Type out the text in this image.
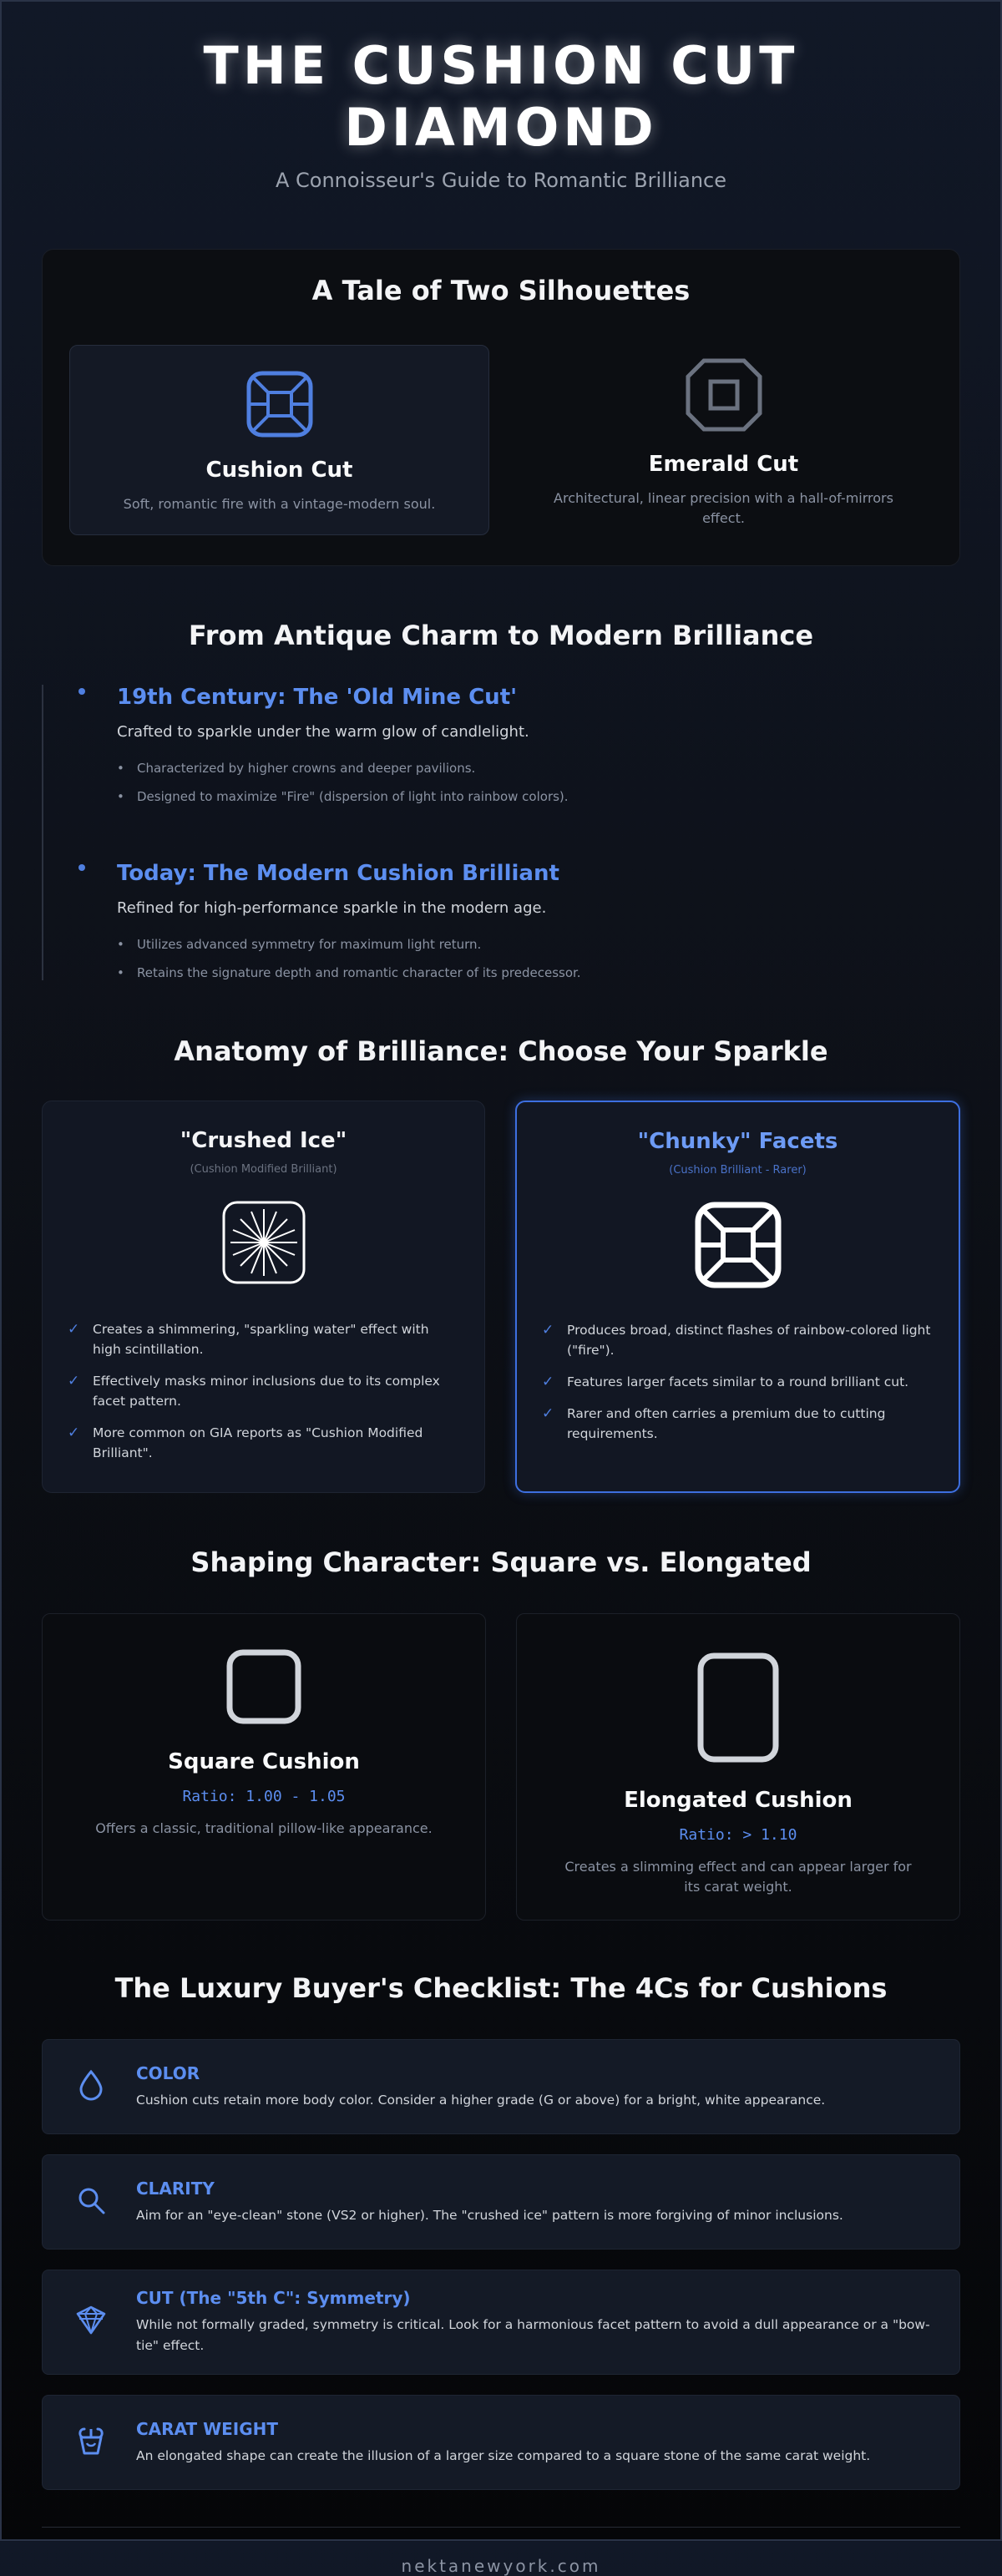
THE CUSHION CUT DIAMOND
A Connoisseur's Guide to Romantic Brilliance
A Tale of Two Silhouettes
Cushion Cut
Soft, romantic fire with a vintage-modern soul.
Emerald Cut
Architectural, linear precision with a hall-of-mirrors effect.
From Antique Charm to Modern Brilliance
19th Century: The 'Old Mine Cut'
Crafted to sparkle under the warm glow of candlelight.
• Characterized by higher crowns and deeper pavilions.
• Designed to maximize "Fire" (dispersion of light into rainbow colors).
Today: The Modern Cushion Brilliant
Refined for high-performance sparkle in the modern age.
• Utilizes advanced symmetry for maximum light return.
• Retains the signature depth and romantic character of its predecessor.
Anatomy of Brilliance: Choose Your Sparkle
"Crushed Ice"
(Cushion Modified Brilliant)
✓	Creates a shimmering, "sparkling water" effect with high scintillation.
✓	Effectively masks minor inclusions due to its complex facet pattern.
✓	More common on GIA reports as "Cushion Modified Brilliant".
"Chunky" Facets
(Cushion Brilliant - Rarer)
✓	Produces broad, distinct flashes of rainbow-colored light ("fire").
✓	Features larger facets similar to a round brilliant cut.
✓	Rarer and often carries a premium due to cutting requirements.
Shaping Character: Square vs. Elongated
Square Cushion
Ratio: 1.00 - 1.05
Offers a classic, traditional pillow-like appearance.
Elongated Cushion
Ratio: > 1.10
Creates a slimming effect and can appear larger for its carat weight.
The Luxury Buyer's Checklist: The 4Cs for Cushions
COLOR
Cushion cuts retain more body color. Consider a higher grade (G or above) for a bright, white appearance.
CLARITY
Aim for an "eye-clean" stone (VS2 or higher). The "crushed ice" pattern is more forgiving of minor inclusions.
CUT (The "5th C": Symmetry)
While not formally graded, symmetry is critical. Look for a harmonious facet pattern to avoid a dull appearance or a "bow-tie" effect.
CARAT WEIGHT
An elongated shape can create the illusion of a larger size compared to a square stone of the same carat weight.
nektanewyork.com
